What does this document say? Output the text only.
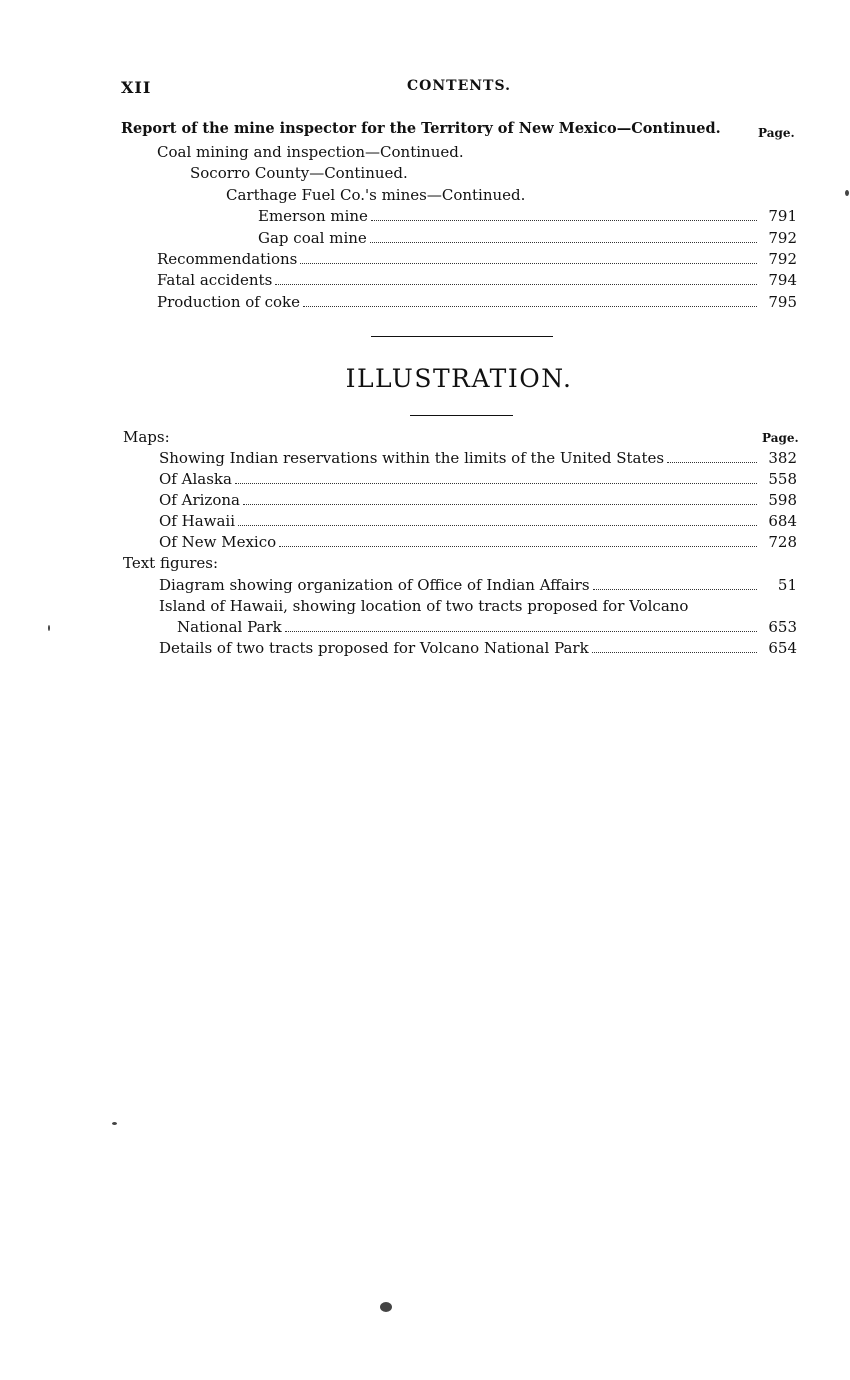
XII	CONTENTS.
Report of the mine inspector for the Territory of New Mexico—Continued.	Page.
Coal mining and inspection—Continued.
Socorro County—Continued.
Carthage Fuel Co.'s mines—Continued.
Emerson mine	791
Gap coal mine	792
Recommendations	792
Fatal accidents	794
Production of coke	795
ILLUSTRATION.
Maps:	Page.
Showing Indian reservations within the limits of the United States	382
Of Alaska	558
Of Arizona	598
Of Hawaii	684
Of New Mexico	728
Text figures:
Diagram showing organization of Office of Indian Affairs	51
Island of Hawaii, showing location of two tracts proposed for Volcano
National Park	653
Details of two tracts proposed for Volcano National Park	654
